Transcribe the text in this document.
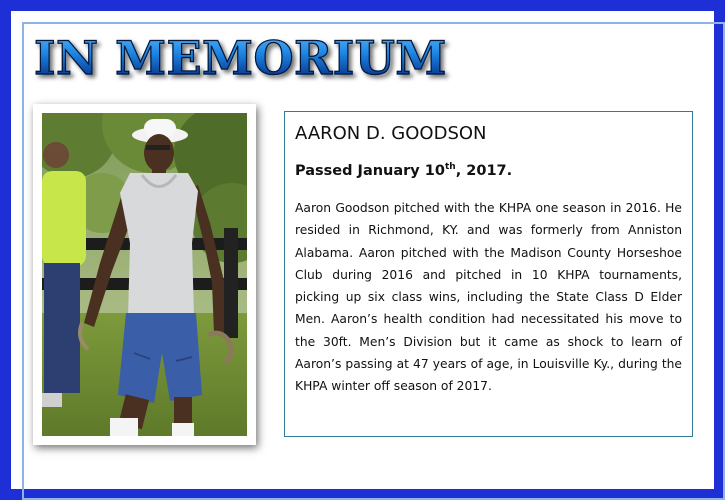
IN MEMORIUM
AARON D. GOODSON

Passed January 10th, 2017.

Aaron Goodson pitched with the KHPA one season in 2016. He resided in Richmond, KY. and was formerly from Anniston Alabama. Aaron pitched with the Madison County Horseshoe Club during 2016 and pitched in 10 KHPA tournaments, picking up six class wins, including the State Class D Elder Men. Aaron’s health condition had necessitated his move to the 30ft. Men’s Division but it came as shock to learn of Aaron’s passing at 47 years of age, in Louisville Ky., during the KHPA winter off season of 2017.
